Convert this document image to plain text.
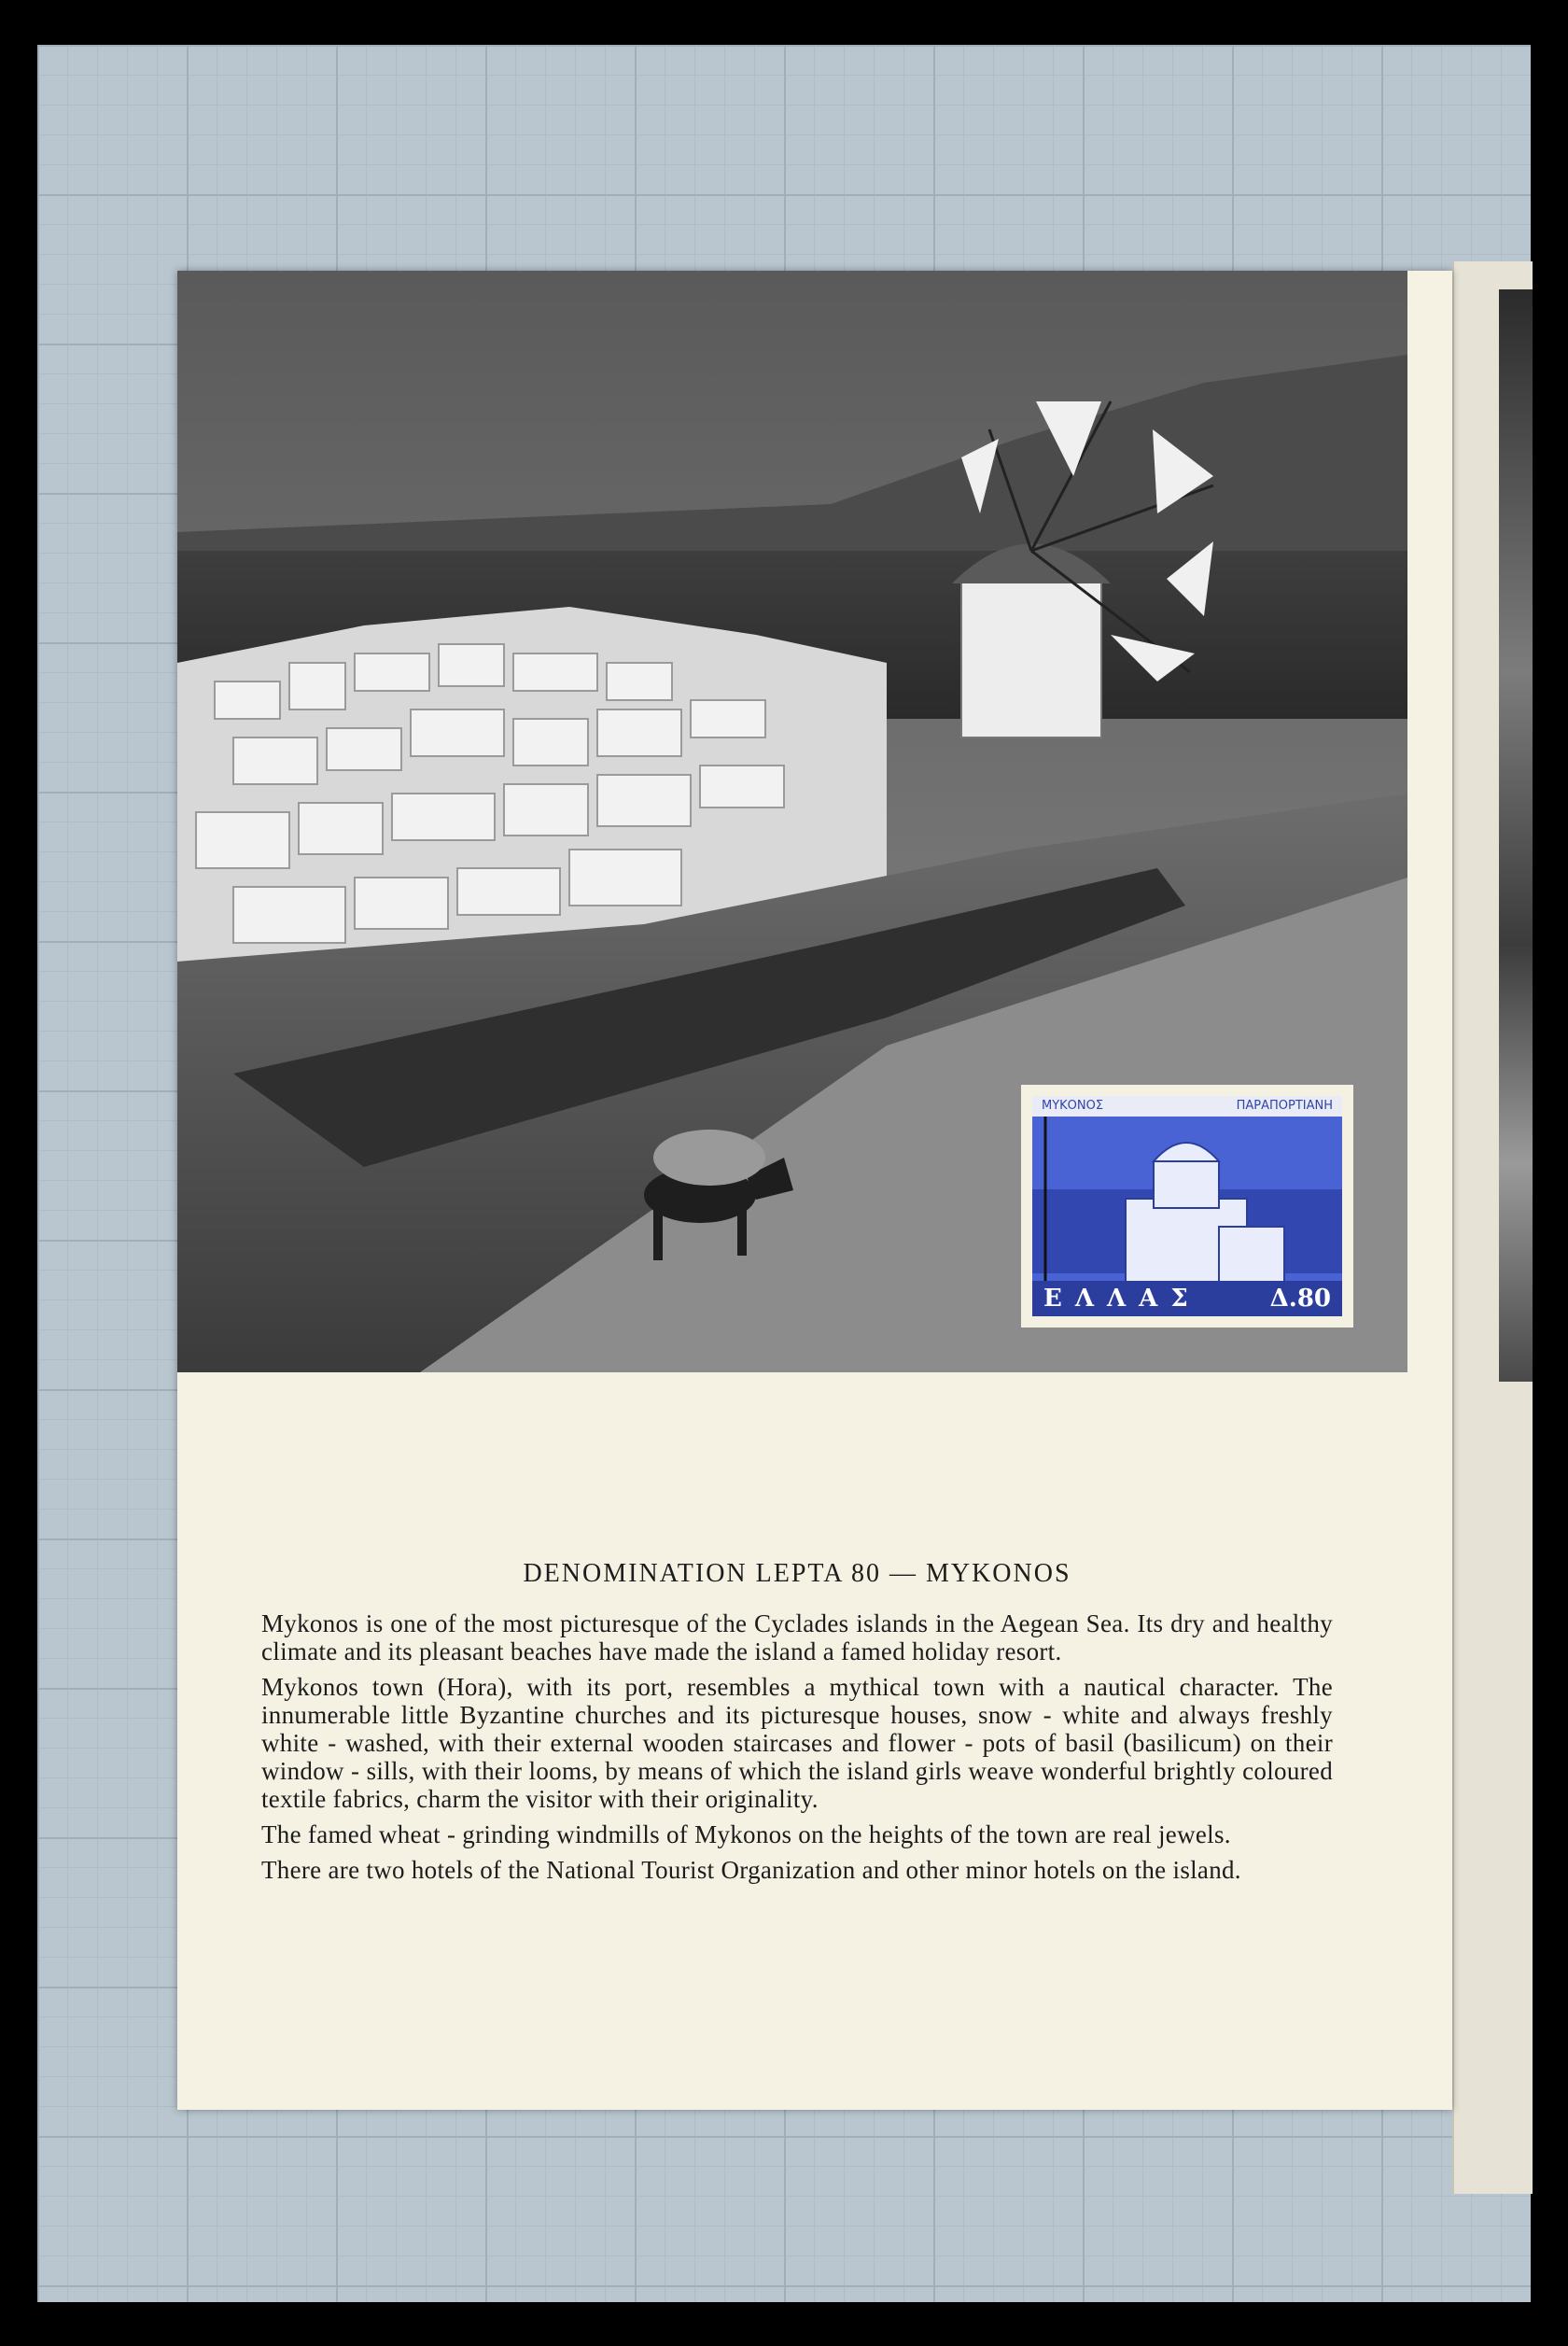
ΜΥΚΟΝΟΣ	ΠΑΡΑΠΟΡΤΙΑΝΗ
ΕΛΛΑΣ	Δ.80
DENOMINATION LEPTA 80 — MYKONOS

Mykonos is one of the most picturesque of the Cyclades islands in the Aegean Sea. Its dry and healthy climate and its pleasant beaches have made the island a famed holiday resort.

Mykonos town (Hora), with its port, resembles a mythical town with a nautical character. The innumerable little Byzantine churches and its picturesque houses, snow - white and always freshly white - washed, with their external wooden staircases and flower - pots of basil (basilicum) on their window - sills, with their looms, by means of which the island girls weave wonderful brightly coloured textile fabrics, charm the visitor with their originality.

The famed wheat - grinding windmills of Mykonos on the heights of the town are real jewels.

There are two hotels of the National Tourist Organization and other minor hotels on the island.
